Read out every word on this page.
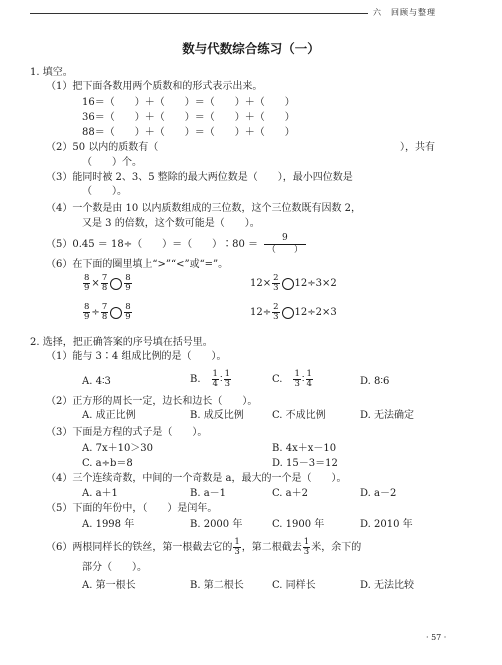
六　回顾与整理
数与代数综合练习（一）
1. 填空。
（1）把下面各数用两个质数和的形式表示出来。
16＝（　　）＋（　　）＝（　　）＋（　　）
36＝（　　）＋（　　）＝（　　）＋（　　）
88＝（　　）＋（　　）＝（　　）＋（　　）
（2）50 以内的质数有（	），共有
（　　）个。
（3）能同时被 2、3、5 整除的最大两位数是（　　），最小四位数是
（　　）。
（4）一个数是由 10 以内质数组成的三位数，这个三位数既有因数 2，
又是 3 的倍数，这个数可能是（　　）。
（5）0.45 ＝ 18÷（　　）＝（　　）∶80 ＝
9
（　　）
（6）在下面的圈里填上“>”“<”或“=”。
$\frac{8}{9} \times \frac{7}{8} \frac{8}{9}$	$12\times \frac{2}{3} 12\div 3\times 2$
$\frac{8}{9} \div \frac{7}{8} \frac{8}{9}$	$12\div \frac{2}{3} 12\div 2\times 3$
2. 选择，把正确答案的序号填在括号里。
（1）能与 3∶4 组成比例的是（　　）。
A. 4∶3	B. $\frac{1}{4}$ ∶ $\frac{1}{3}$	C. $\frac{1}{3}$ ∶ $\frac{1}{4}$	D. 8∶6
（2）正方形的周长一定，边长和边长（　　）。
A. 成正比例	B. 成反比例	C. 不成比例	D. 无法确定
（3）下面是方程的式子是（　　）。
A. 7x＋10＞30	B. 4x＋x－10
C. a÷b＝8	D. 15－3＝12
（4）三个连续奇数，中间的一个奇数是 a，最大的一个是（　　）。
A. a＋1	B. a－1	C. a＋2	D. a－2
（5）下面的年份中，（　　）是闰年。
A. 1998 年	B. 2000 年	C. 1900 年	D. 2010 年
（6）两根同样长的铁丝，第一根截去它的 $\frac{1}{3}$ ，第二根截去 $\frac{1}{3}$ 米，余下的
部分（　　）。
A. 第一根长	B. 第二根长	C. 同样长	D. 无法比较
· 57 ·
